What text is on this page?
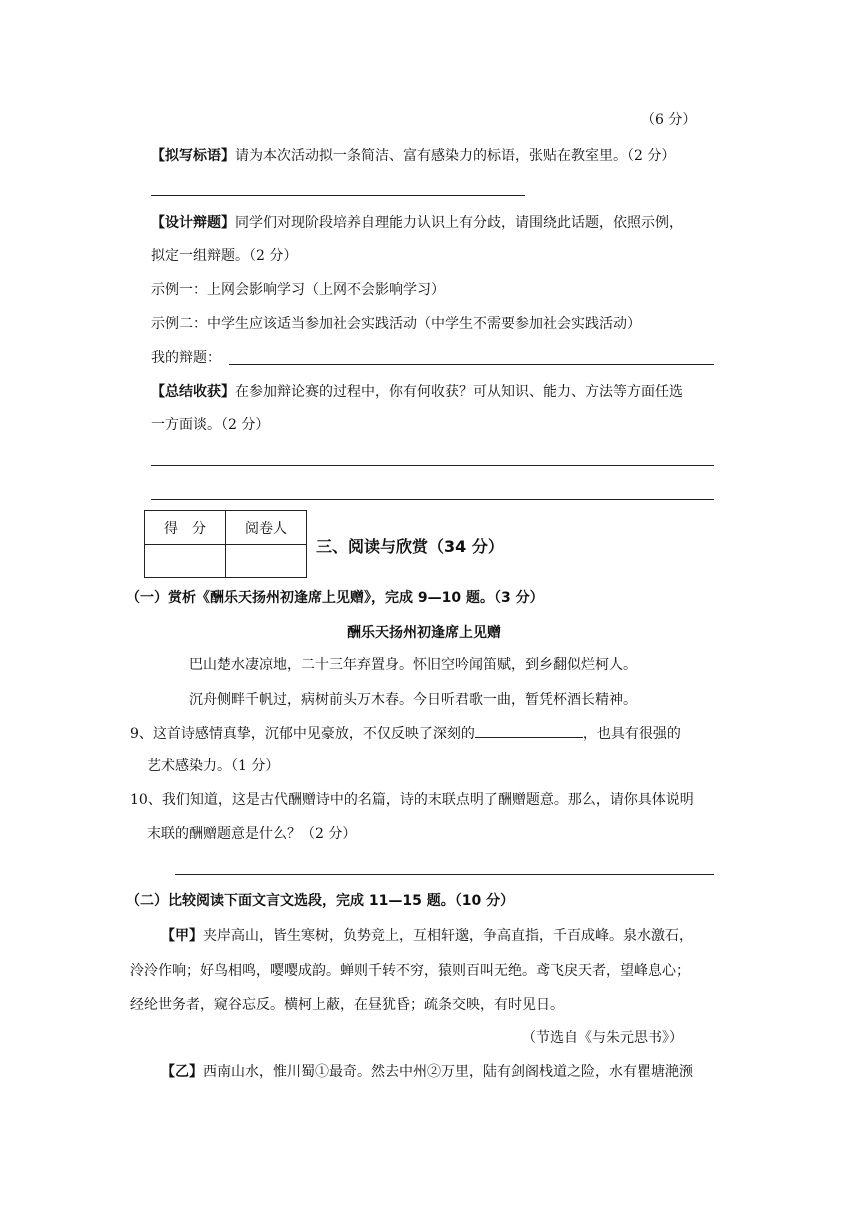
（6 分）
【拟写标语】请为本次活动拟一条简洁、富有感染力的标语，张贴在教室里。（2 分）
【设计辩题】同学们对现阶段培养自理能力认识上有分歧，请围绕此话题，依照示例，
拟定一组辩题。（2 分）
示例一：上网会影响学习（上网不会影响学习）
示例二：中学生应该适当参加社会实践活动（中学生不需要参加社会实践活动）
我的辩题：
【总结收获】在参加辩论赛的过程中，你有何收获？可从知识、能力、方法等方面任选
一方面谈。（2 分）
得　分	阅卷人

三、阅读与欣赏（34 分）
（一）赏析《酬乐天扬州初逢席上见赠》，完成 9—10 题。（3 分）
酬乐天扬州初逢席上见赠
巴山楚水凄凉地，二十三年弃置身。怀旧空吟闻笛赋，到乡翻似烂柯人。
沉舟侧畔千帆过，病树前头万木春。今日听君歌一曲，暂凭杯酒长精神。
9、这首诗感情真挚，沉郁中见豪放，不仅反映了深刻的	，也具有很强的
艺术感染力。（1 分）
10、我们知道，这是古代酬赠诗中的名篇，诗的末联点明了酬赠题意。那么，请你具体说明
末联的酬赠题意是什么？（2 分）
（二）比较阅读下面文言文选段，完成 11—15 题。（10 分）
【甲】夹岸高山，皆生寒树，负势竞上，互相轩邈，争高直指，千百成峰。泉水激石，
泠泠作响；好鸟相鸣，嘤嘤成韵。蝉则千转不穷，猿则百叫无绝。鸢飞戾天者，望峰息心；
经纶世务者，窥谷忘反。横柯上蔽，在昼犹昏；疏条交映，有时见日。
（节选自《与朱元思书》）
【乙】西南山水，惟川蜀①最奇。然去中州②万里，陆有剑阁栈道之险，水有瞿塘滟滪
